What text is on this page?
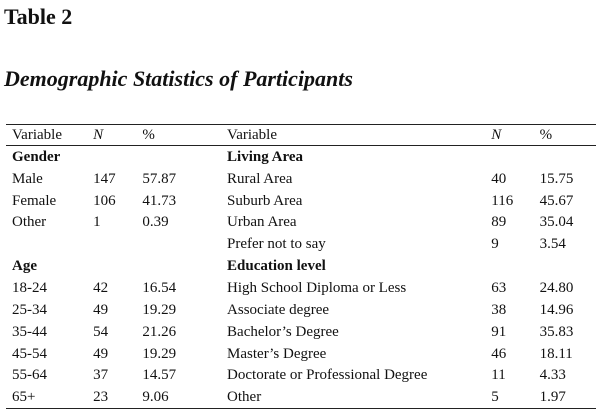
Table 2
Demographic Statistics of Participants
Variable	N	%	Variable	N	%
Gender			Living Area		
Male	147	57.87	Rural Area	40	15.75
Female	106	41.73	Suburb Area	116	45.67
Other	1	0.39	Urban Area	89	35.04
			Prefer not to say	9	3.54
Age			Education level		
18-24	42	16.54	High School Diploma or Less	63	24.80
25-34	49	19.29	Associate degree	38	14.96
35-44	54	21.26	Bachelor’s Degree	91	35.83
45-54	49	19.29	Master’s Degree	46	18.11
55-64	37	14.57	Doctorate or Professional Degree	11	4.33
65+	23	9.06	Other	5	1.97
